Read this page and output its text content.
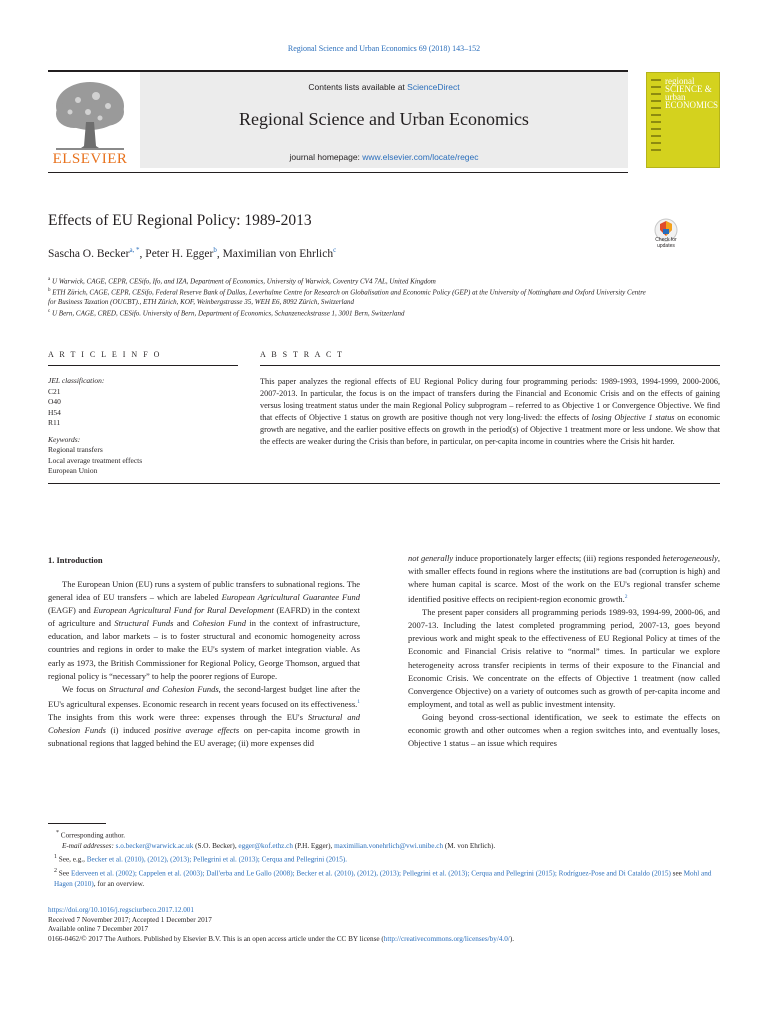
Regional Science and Urban Economics 69 (2018) 143–152
ELSEVIER
Contents lists available at ScienceDirect
Regional Science and Urban Economics
journal homepage: www.elsevier.com/locate/regec
regional SCIENCE & urban ECONOMICS
Effects of EU Regional Policy: 1989-2013
Check for updates
Sascha O. Becker$^{a, *}$, Peter H. Egger$^b$, Maximilian von Ehrlich$^c$
$^a$ U Warwick, CAGE, CEPR, CESifo, Ifo, and IZA, Department of Economics, University of Warwick, Coventry CV4 7AL, United Kingdom
$^b$ ETH Zürich, CAGE, CEPR, CESifo, Federal Reserve Bank of Dallas, Leverhulme Centre for Research on Globalisation and Economic Policy (GEP) at the University of Nottingham and Oxford University Centre for Business Taxation (OUCBT)., ETH Zürich, KOF, Weinbergstrasse 35, WEH E6, 8092 Zürich, Switzerland
$^c$ U Bern, CAGE, CRED, CESifo. University of Bern, Department of Economics, Schanzeneckstrasse 1, 3001 Bern, Switzerland
A R T I C L E I N F O	A B S T R A C T
JEL classification:
C21
O40
H54
R11
Keywords:
Regional transfers
Local average treatment effects
European Union
This paper analyzes the regional effects of EU Regional Policy during four programming periods: 1989-1993, 1994-1999, 2000-2006, 2007-2013. In particular, the focus is on the impact of transfers during the Financial and Economic Crisis and on the effects of gaining versus losing treatment status under the main Regional Policy subprogram – referred to as Objective 1 or Convergence Objective. We find that effects of Objective 1 status on growth are positive though not very long-lived: the effects of losing Objective 1 status on economic growth are negative, and the earlier positive effects on growth in the period(s) of Objective 1 treatment more or less undone. We show that the effects are weaker during the Crisis than before, in particular, on per-capita income in countries where the Crisis hit harder.
1. Introduction

The European Union (EU) runs a system of public transfers to subnational regions. The general idea of EU transfers – which are labeled European Agricultural Guarantee Fund (EAGF) and European Agricultural Fund for Rural Development (EAFRD) in the context of agriculture and Structural Funds and Cohesion Fund in the context of infrastructure, education, and labor markets – is to foster structural and economic homogeneity across countries and regions in order to make the EU's system of market integration viable. As early as 1973, the British Commissioner for Regional Policy, George Thomson, argued that regional policy is “necessary” to help the poorer regions of Europe.

We focus on Structural and Cohesion Funds, the second-largest budget line after the EU's agricultural expenses. Economic research in recent years focused on its effectiveness.$^1$ The insights from this work were three: expenses through the EU's Structural and Cohesion Funds (i) induced positive average effects on per-capita income growth in subnational regions that lagged behind the EU average; (ii) more expenses did

not generally induce proportionately larger effects; (iii) regions responded heterogeneously, with smaller effects found in regions where the institutions are bad (corruption is high) and where human capital is scarce. Most of the work on the EU's regional transfer scheme identified positive effects on recipient-region economic growth.$^2$

The present paper considers all programming periods 1989-93, 1994-99, 2000-06, and 2007-13. Including the latest completed programming period, 2007-13, goes beyond previous work and might speak to the effectiveness of EU Regional Policy at times of the Economic and Financial Crisis relative to “normal” times. In particular we explore heterogeneity across transfer recipients in terms of their exposure to the Financial and Economic Crisis. We concentrate on the effects of Objective 1 treatment (now called Convergence Objective) on a variety of outcomes such as growth of per-capita income and employment, and total as well as public investment intensity.

Going beyond cross-sectional identification, we seek to estimate the effects on economic growth and other outcomes when a region switches into, and eventually loses, Objective 1 status – an issue which requires

* Corresponding author.
E-mail addresses: s.o.becker@warwick.ac.uk (S.O. Becker), egger@kof.ethz.ch (P.H. Egger), maximilian.vonehrlich@vwi.unibe.ch (M. von Ehrlich).
$^1$ See, e.g., Becker et al. (2010), (2012), (2013); Pellegrini et al. (2013); Cerqua and Pellegrini (2015).
$^2$ See Ederveen et al. (2002); Cappelen et al. (2003); Dall'erba and Le Gallo (2008); Becker et al. (2010), (2012), (2013); Pellegrini et al. (2013); Cerqua and Pellegrini (2015); Rodríguez-Pose and Di Cataldo (2015) see Mohl and Hagen (2010), for an overview.
https://doi.org/10.1016/j.regsciurbeco.2017.12.001
Received 7 November 2017; Accepted 1 December 2017
Available online 7 December 2017
0166-0462/© 2017 The Authors. Published by Elsevier B.V. This is an open access article under the CC BY license (http://creativecommons.org/licenses/by/4.0/).
